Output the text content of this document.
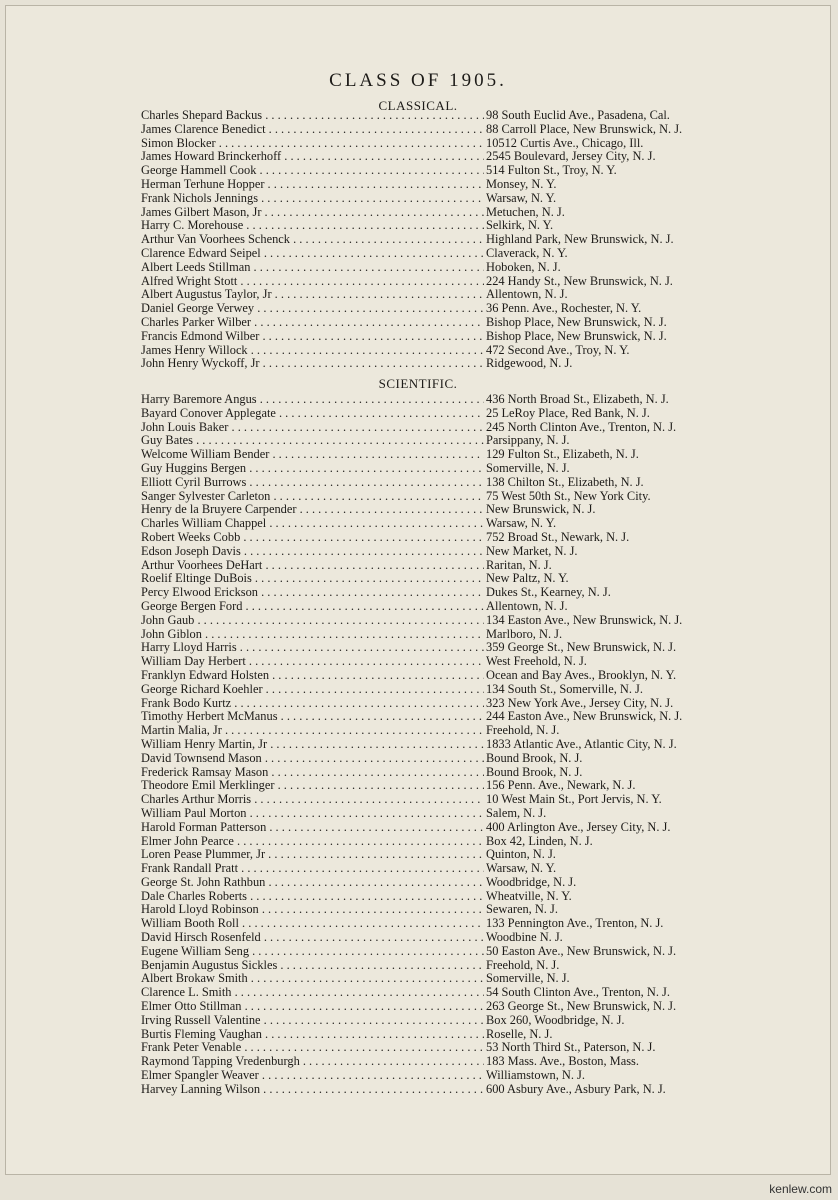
CLASS OF 1905.
CLASSICAL.
Charles Shepard Backus . . .	98 South Euclid Ave., Pasadena, Cal.
James Clarence Benedict . . .	88 Carroll Place, New Brunswick, N. J.
Simon Blocker . . .	10512 Curtis Ave., Chicago, Ill.
James Howard Brinckerhoff . . .	2545 Boulevard, Jersey City, N. J.
George Hammell Cook . . .	514 Fulton St., Troy, N. Y.
Herman Terhune Hopper . . .	Monsey, N. Y.
Frank Nichols Jennings . . .	Warsaw, N. Y.
James Gilbert Mason, Jr . . .	Metuchen, N. J.
Harry C. Morehouse . . .	Selkirk, N. Y.
Arthur Van Voorhees Schenck . . .	Highland Park, New Brunswick, N. J.
Clarence Edward Seipel . . .	Claverack, N. Y.
Albert Leeds Stillman . . .	Hoboken, N. J.
Alfred Wright Stott . . .	224 Handy St., New Brunswick, N. J.
Albert Augustus Taylor, Jr . . .	Allentown, N. J.
Daniel George Verwey . . .	36 Penn. Ave., Rochester, N. Y.
Charles Parker Wilber . . .	Bishop Place, New Brunswick, N. J.
Francis Edmond Wilber . . .	Bishop Place, New Brunswick, N. J.
James Henry Willock . . .	472 Second Ave., Troy, N. Y.
John Henry Wyckoff, Jr . . .	Ridgewood, N. J.
SCIENTIFIC.
Harry Baremore Angus . . .	436 North Broad St., Elizabeth, N. J.
Bayard Conover Applegate . . .	25 LeRoy Place, Red Bank, N. J.
John Louis Baker . . .	245 North Clinton Ave., Trenton, N. J.
Guy Bates . . .	Parsippany, N. J.
Welcome William Bender . . .	129 Fulton St., Elizabeth, N. J.
Guy Huggins Bergen . . .	Somerville, N. J.
Elliott Cyril Burrows . . .	138 Chilton St., Elizabeth, N. J.
Sanger Sylvester Carleton . . .	75 West 50th St., New York City.
Henry de la Bruyere Carpender . . .	New Brunswick, N. J.
Charles William Chappel . . .	Warsaw, N. Y.
Robert Weeks Cobb . . .	752 Broad St., Newark, N. J.
Edson Joseph Davis . . .	New Market, N. J.
Arthur Voorhees DeHart . . .	Raritan, N. J.
Roelif Eltinge DuBois . . .	New Paltz, N. Y.
Percy Elwood Erickson . . .	Dukes St., Kearney, N. J.
George Bergen Ford . . .	Allentown, N. J.
John Gaub . . .	134 Easton Ave., New Brunswick, N. J.
John Giblon . . .	Marlboro, N. J.
Harry Lloyd Harris . . .	359 George St., New Brunswick, N. J.
William Day Herbert . . .	West Freehold, N. J.
Franklyn Edward Holsten . . .	Ocean and Bay Aves., Brooklyn, N. Y.
George Richard Koehler . . .	134 South St., Somerville, N. J.
Frank Bodo Kurtz . . .	323 New York Ave., Jersey City, N. J.
Timothy Herbert McManus . . .	244 Easton Ave., New Brunswick, N. J.
Martin Malia, Jr . . .	Freehold, N. J.
William Henry Martin, Jr . . .	1833 Atlantic Ave., Atlantic City, N. J.
David Townsend Mason . . .	Bound Brook, N. J.
Frederick Ramsay Mason . . .	Bound Brook, N. J.
Theodore Emil Merklinger . . .	156 Penn. Ave., Newark, N. J.
Charles Arthur Morris . . .	10 West Main St., Port Jervis, N. Y.
William Paul Morton . . .	Salem, N. J.
Harold Forman Patterson . . .	400 Arlington Ave., Jersey City, N. J.
Elmer John Pearce . . .	Box 42, Linden, N. J.
Loren Pease Plummer, Jr . . .	Quinton, N. J.
Frank Randall Pratt . . .	Warsaw, N. Y.
George St. John Rathbun . . .	Woodbridge, N. J.
Dale Charles Roberts . . .	Wheatville, N. Y.
Harold Lloyd Robinson . . .	Sewaren, N. J.
William Booth Roll . . .	133 Pennington Ave., Trenton, N. J.
David Hirsch Rosenfeld . . .	Woodbine N. J.
Eugene William Seng . . .	50 Easton Ave., New Brunswick, N. J.
Benjamin Augustus Sickles . . .	Freehold, N. J.
Albert Brokaw Smith . . .	Somerville, N. J.
Clarence L. Smith . . .	54 South Clinton Ave., Trenton, N. J.
Elmer Otto Stillman . . .	263 George St., New Brunswick, N. J.
Irving Russell Valentine . . .	Box 260, Woodbridge, N. J.
Burtis Fleming Vaughan . . .	Roselle, N. J.
Frank Peter Venable . . .	53 North Third St., Paterson, N. J.
Raymond Tapping Vredenburgh . . .	183 Mass. Ave., Boston, Mass.
Elmer Spangler Weaver . . .	Williamstown, N. J.
Harvey Lanning Wilson . . .	600 Asbury Ave., Asbury Park, N. J.
kenlew.com
